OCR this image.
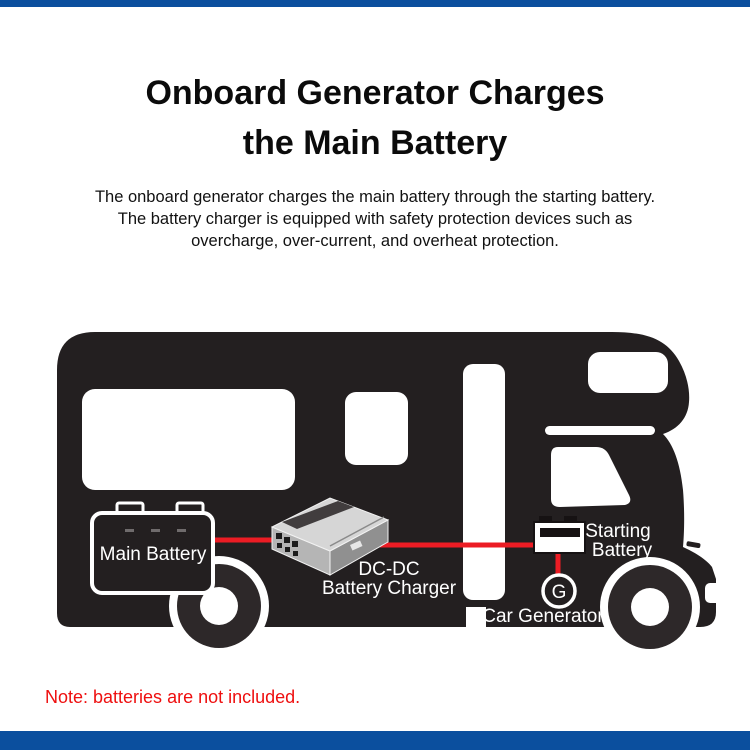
Onboard Generator Charges
the Main Battery
The onboard generator charges the main battery through the starting battery.
The battery charger is equipped with safety protection devices such as
overcharge, over-current, and overheat protection.
Main Battery
Starting
Battery
G
Car Generator
DC-DC
Battery Charger
Note: batteries are not included.
